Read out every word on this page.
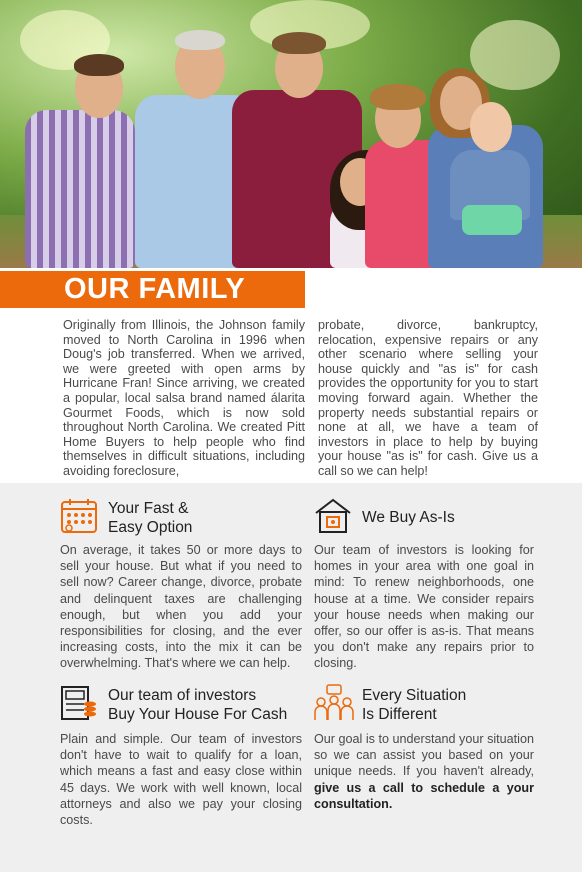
OUR FAMILY

Originally from Illinois, the Johnson family moved to North Carolina in 1996 when Doug's job transferred. When we arrived, we were greeted with open arms by Hurricane Fran! Since arriving, we created a popular, local salsa brand named álarita Gourmet Foods, which is now sold throughout North Carolina. We created Pitt Home Buyers to help people who find themselves in difficult situations, including avoiding foreclosure,

probate, divorce, bankruptcy, relocation, expensive repairs or any other scenario where selling your house quickly and "as is" for cash provides the opportunity for you to start moving forward again. Whether the property needs substantial repairs or none at all, we have a team of investors in place to help by buying your house "as is" for cash. Give us a call so we can help!

Your Fast &
Easy Option

On average, it takes 50 or more days to sell your house. But what if you need to sell now? Career change, divorce, probate and delinquent taxes are challenging enough, but when you add your responsibilities for closing, and the ever increasing costs, into the mix it can be overwhelming. That's where we can help.

We Buy As-Is

Our team of investors is looking for homes in your area with one goal in mind: To renew neighborhoods, one house at a time. We consider repairs your house needs when making our offer, so our offer is as-is. That means you don't make any repairs prior to closing.

Our team of investors
Buy Your House For Cash

Plain and simple. Our team of investors don't have to wait to qualify for a loan, which means a fast and easy close within 45 days. We work with well known, local attorneys and also we pay your closing costs.

Every Situation
Is Different

Our goal is to understand your situation so we can assist you based on your unique needs. If you haven't already, give us a call to schedule a your consultation.
